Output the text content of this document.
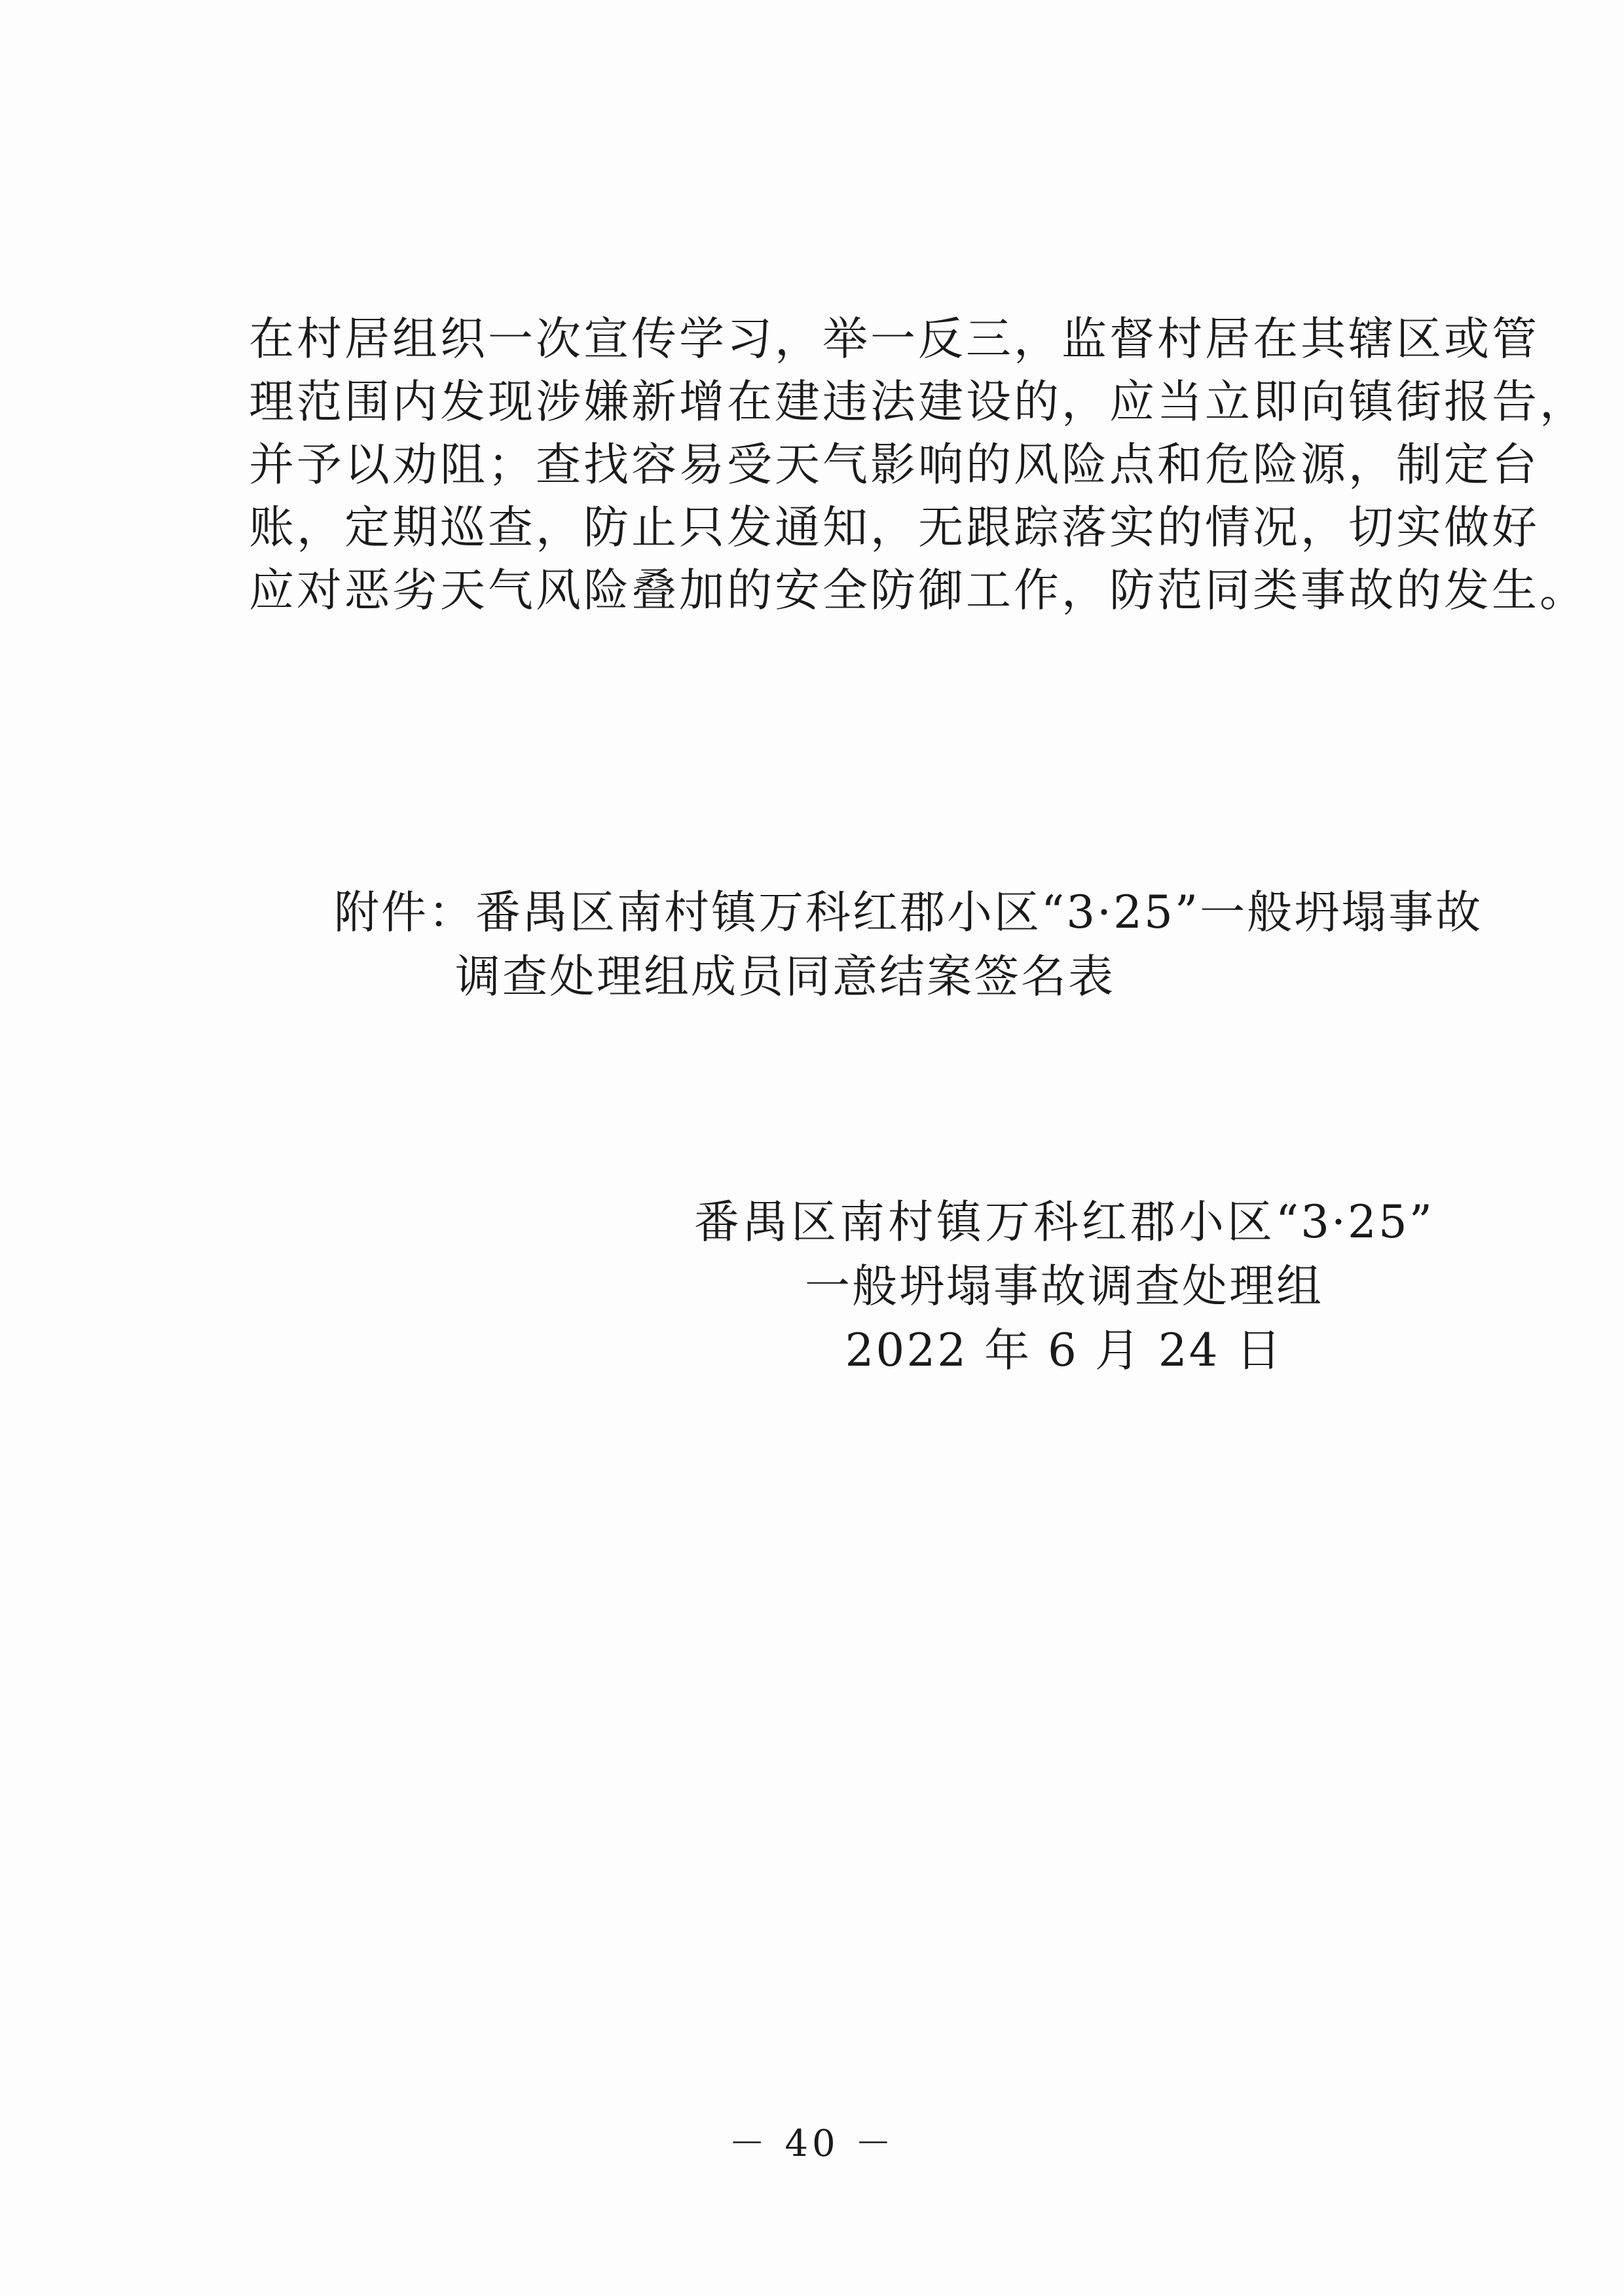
在村居组织一次宣传学习，举一反三，监督村居在其辖区或管
理范围内发现涉嫌新增在建违法建设的，应当立即向镇街报告，
并予以劝阻；查找容易受天气影响的风险点和危险源，制定台
账，定期巡查，防止只发通知，无跟踪落实的情况，切实做好
应对恶劣天气风险叠加的安全防御工作，防范同类事故的发生。
附件：番禺区南村镇万科红郡小区“3·25”一般坍塌事故
调查处理组成员同意结案签名表
番禺区南村镇万科红郡小区“3·25”
一般坍塌事故调查处理组
2022 年 6 月 24 日
－ 40 －
